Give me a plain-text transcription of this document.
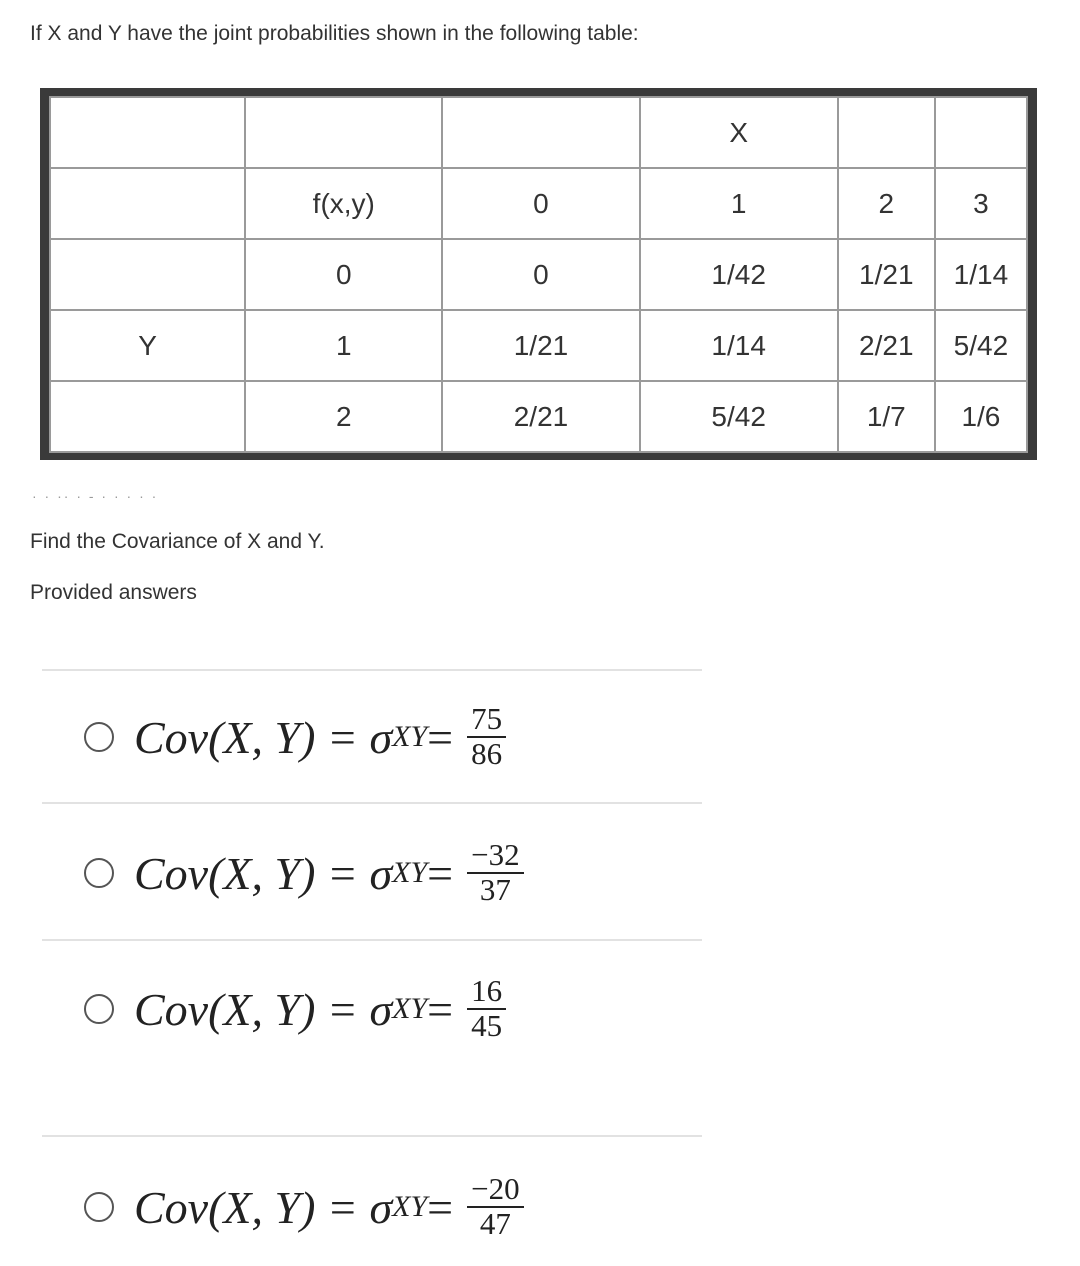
If X and Y have the joint probabilities shown in the following table:
			X		
	f(x,y)	0	1	2	3
	0	0	1/42	1/21	1/14
Y	1	1/21	1/14	2/21	5/42
	2	2/21	5/42	1/7	1/6
· · ·· · - · · · · ·
Find the Covariance of X and Y.
Provided answers
Cov(X, Y) = σ XY = $\frac{75}{86}$
Cov(X, Y) = σ XY = $\frac{-32}{37}$
Cov(X, Y) = σ XY = $\frac{16}{45}$
Cov(X, Y) = σ XY = $\frac{-20}{47}$
